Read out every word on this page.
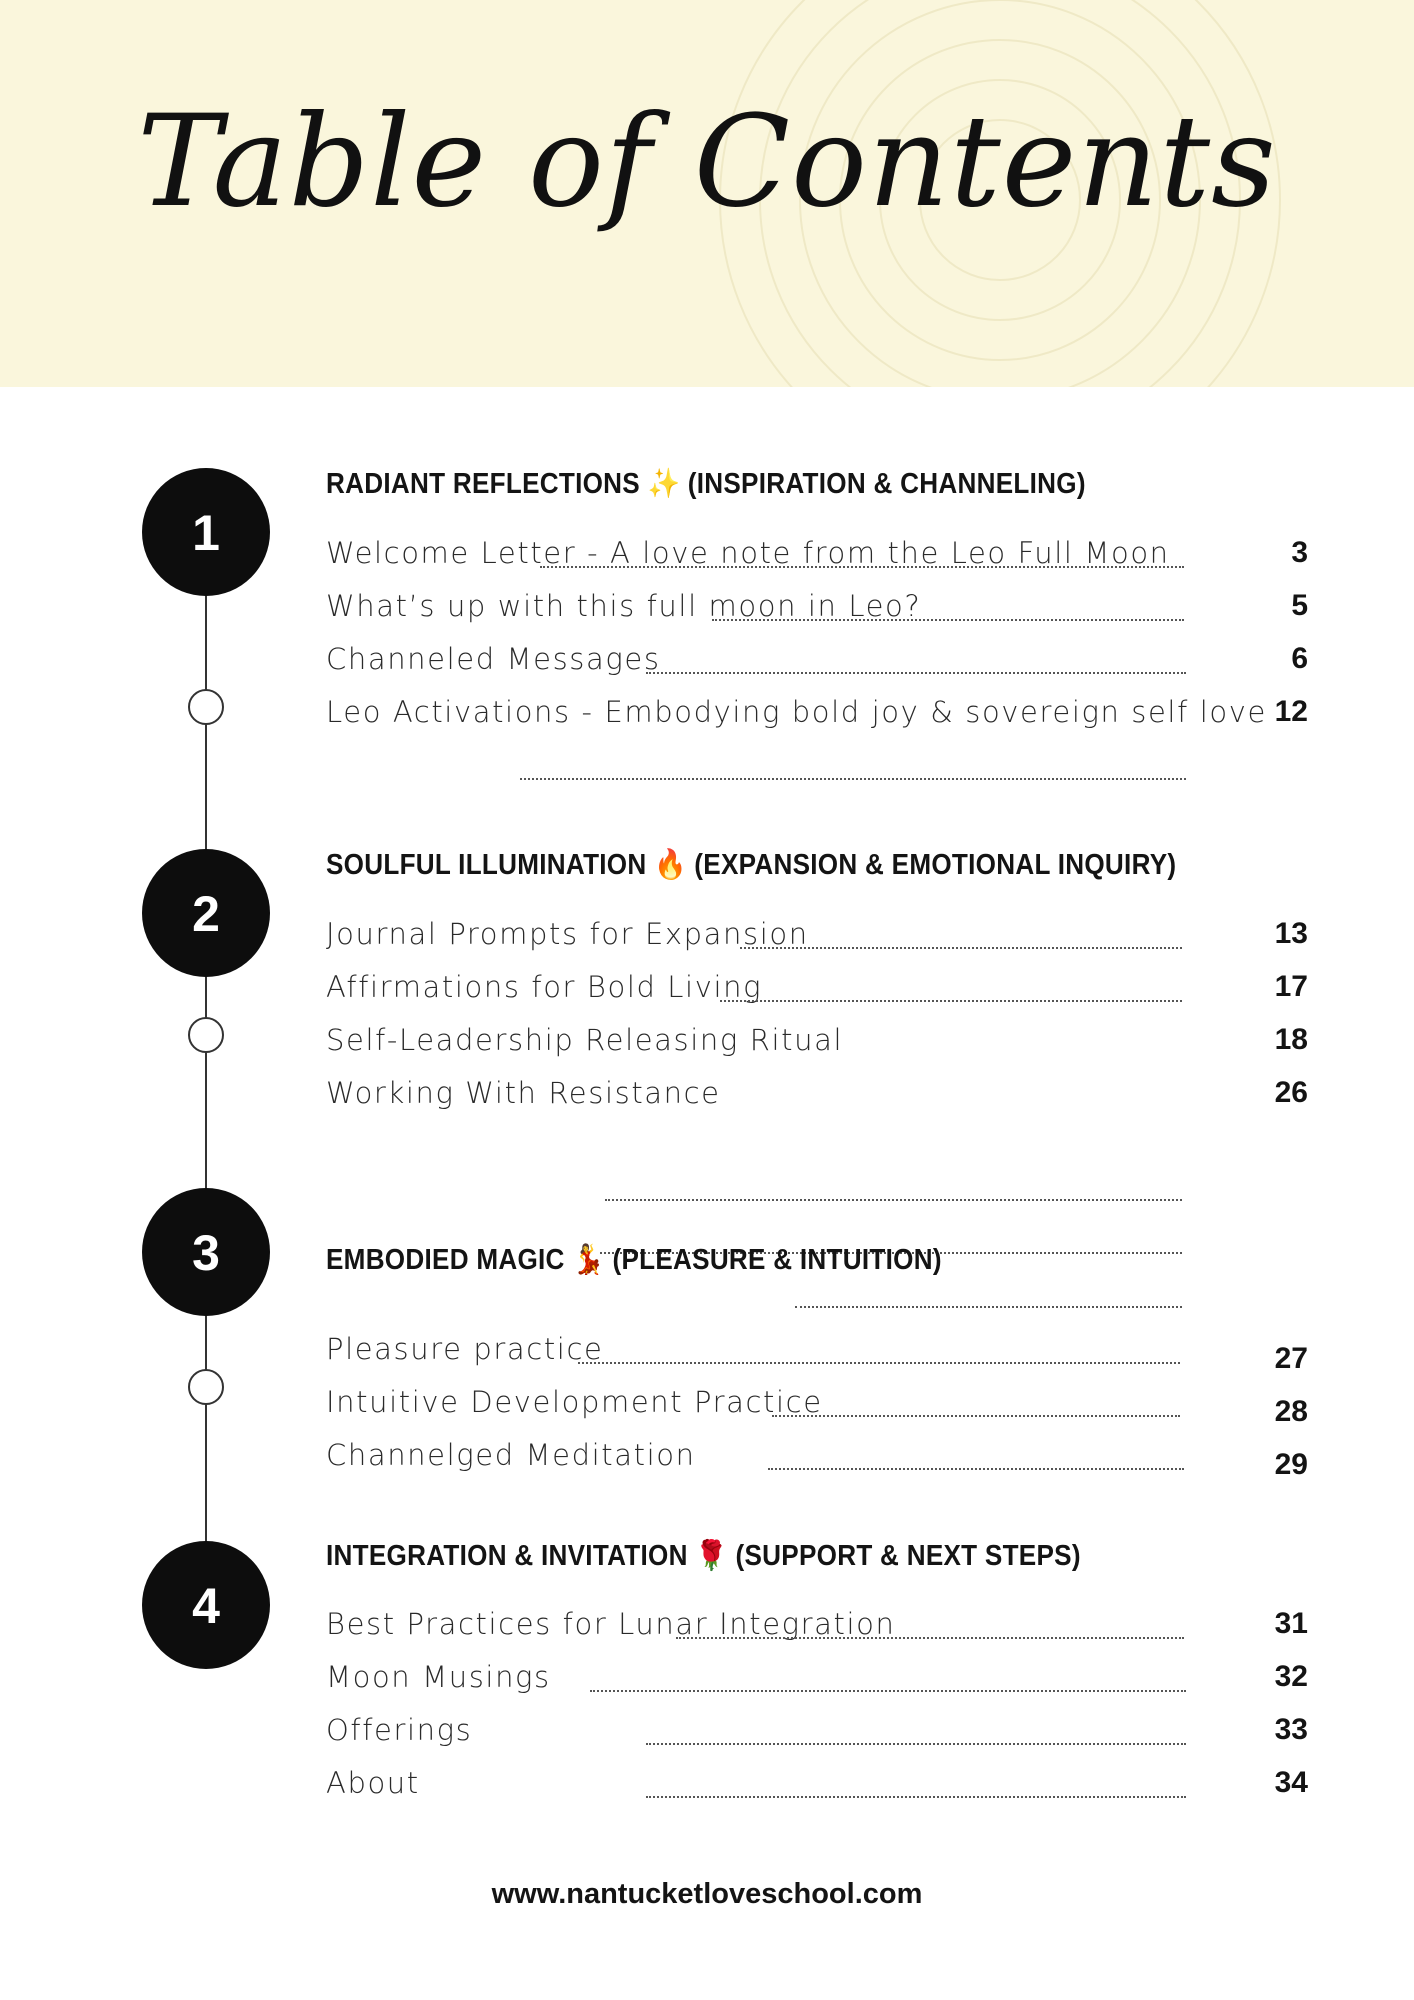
Table of Contents
1
2
3
4
RADIANT REFLECTIONS ✨ (INSPIRATION & CHANNELING)
Welcome Letter - A love note from the Leo Full Moon	3
What’s up with this full moon in Leo?	5
Channeled Messages	6
Leo Activations - Embodying bold joy & sovereign self love 12
SOULFUL ILLUMINATION 🔥 (EXPANSION & EMOTIONAL INQUIRY)
Journal Prompts for Expansion	13
Affirmations for Bold Living	17
Self-Leadership Releasing Ritual	18
Working With Resistance	26
EMBODIED MAGIC 💃 (PLEASURE & INTUITION)
Pleasure practice	27
Intuitive Development Practice	28
Channelged Meditation	29
INTEGRATION & INVITATION 🌹 (SUPPORT & NEXT STEPS)
Best Practices for Lunar Integration	31
Moon Musings	32
Offerings	33
About	34
www.nantucketloveschool.com
